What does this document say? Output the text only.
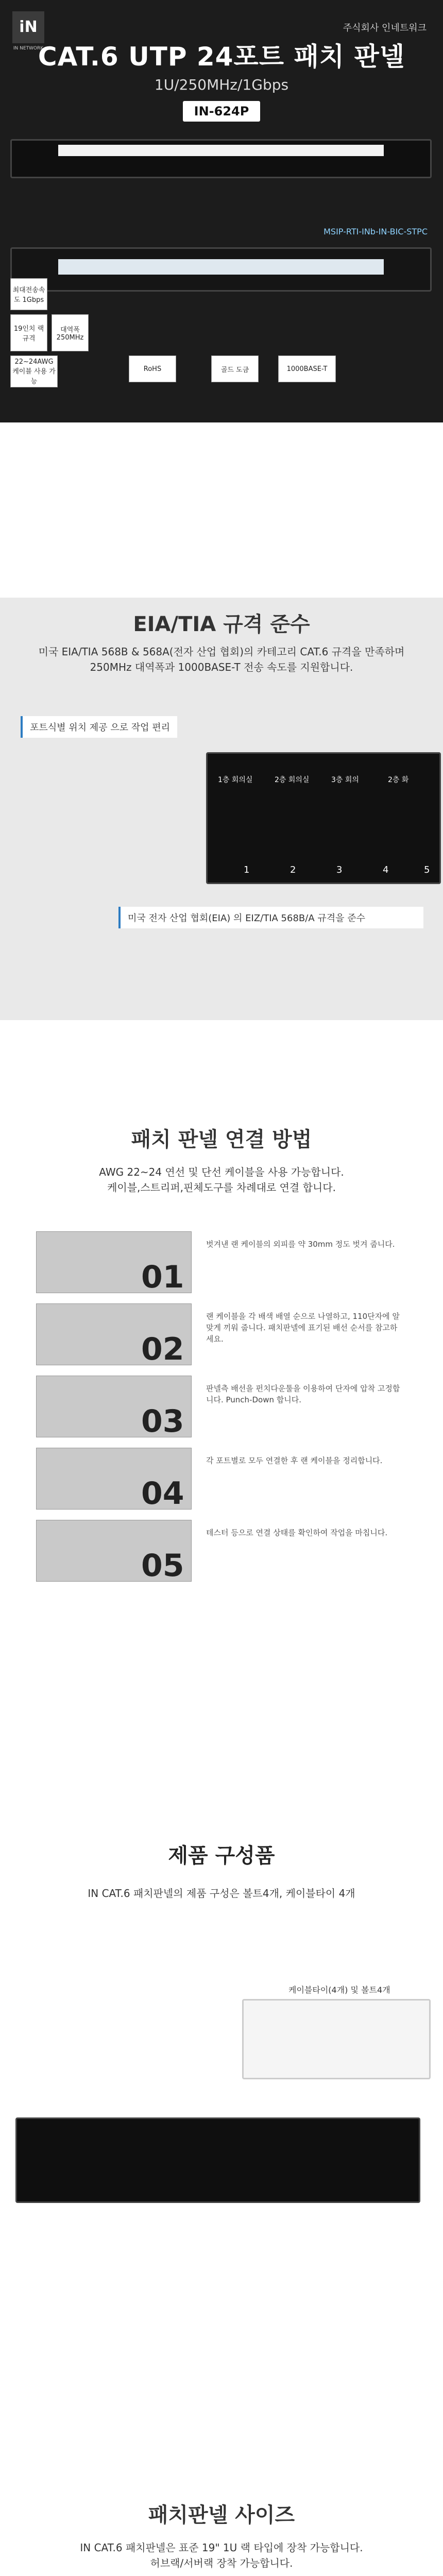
iN
IN NETWORK
주식회사 인네트워크
CAT.6 UTP 24포트 패치 판넬
1U/250MHz/1Gbps
IN-624P
MSIP-RTI-INb-IN-BIC-STPC
19인치 랙 규격
최대전송속도 1Gbps
대역폭 250MHz
22~24AWG 케이블 사용 가능
RoHS	골드 도금	1000BASE-T
EIA/TIA 규격 준수
미국 EIA/TIA 568B & 568A(전자 산업 협회)의 카테고리 CAT.6 규격을 만족하며 250MHz 대역폭과 1000BASE-T 전송 속도를 지원합니다.
포트식별 위치 제공 으로 작업 편리
1층 회의실	2층 회의실	3층 회의	2층 화
1	2	3	4	5
미국 전자 산업 협회(EIA) 의 EIZ/TIA 568B/A 규격을 준수
패치 판넬 연결 방법
AWG 22~24 연선 및 단선 케이블을 사용 가능합니다.
케이블,스트리퍼,핀체도구를 차례대로 연결 합니다.
01
벗겨낸 랜 케이블의 외피를 약 30mm 정도 벗겨 줍니다.
02
랜 케이블을 각 배색 배열 순으로 나열하고, 110단자에 알맞게 끼워 줍니다. 패치판넬에 표기된 배선 순서를 참고하세요.
03
판넬측 배선을 펀치다운툴을 이용하여 단자에 압착 고정합니다. Punch-Down 합니다.
04
각 포트별로 모두 연결한 후 랜 케이블을 정리합니다.
05
테스터 등으로 연결 상태를 확인하여 작업을 마칩니다.
제품 구성품
IN CAT.6 패치판넬의 제품 구성은 볼트4개, 케이블타이 4개
케이블타이(4개) 및 볼트4개
패치판넬 사이즈
IN CAT.6 패치판넬은 표준 19" 1U 랙 타입에 장착 가능합니다.
허브랙/서버랙 장착 가능합니다.
